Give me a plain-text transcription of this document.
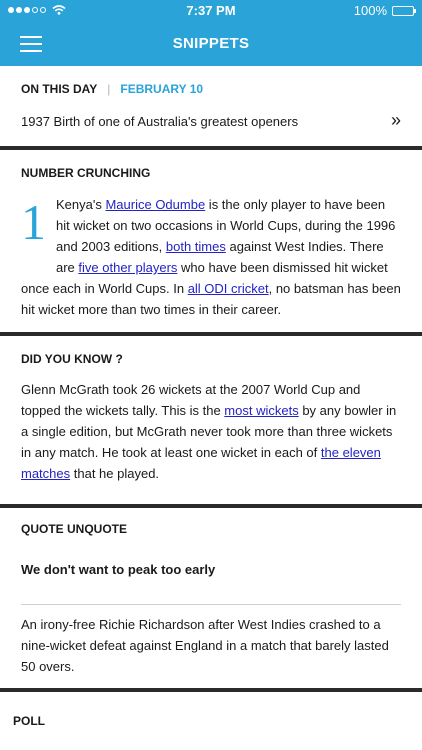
7:37 PM	100%
SNIPPETS
ON THIS DAY | FEBRUARY 10
1937 Birth of one of Australia's greatest openers	»
NUMBER CRUNCHING
1 Kenya's Maurice Odumbe is the only player to have been hit wicket on two occasions in World Cups, during the 1996 and 2003 editions, both times against West Indies. There are five other players who have been dismissed hit wicket once each in World Cups. In all ODI cricket, no batsman has been hit wicket more than two times in their career.

DID YOU KNOW ?

Glenn McGrath took 26 wickets at the 2007 World Cup and topped the wickets tally. This is the most wickets by any bowler in a single edition, but McGrath never took more than three wickets in any match. He took at least one wicket in each of the eleven matches that he played.

QUOTE UNQUOTE
We don't want to peak too early

An irony-free Richie Richardson after West Indies crashed to a nine-wicket defeat against England in a match that barely lasted 50 overs.

POLL
